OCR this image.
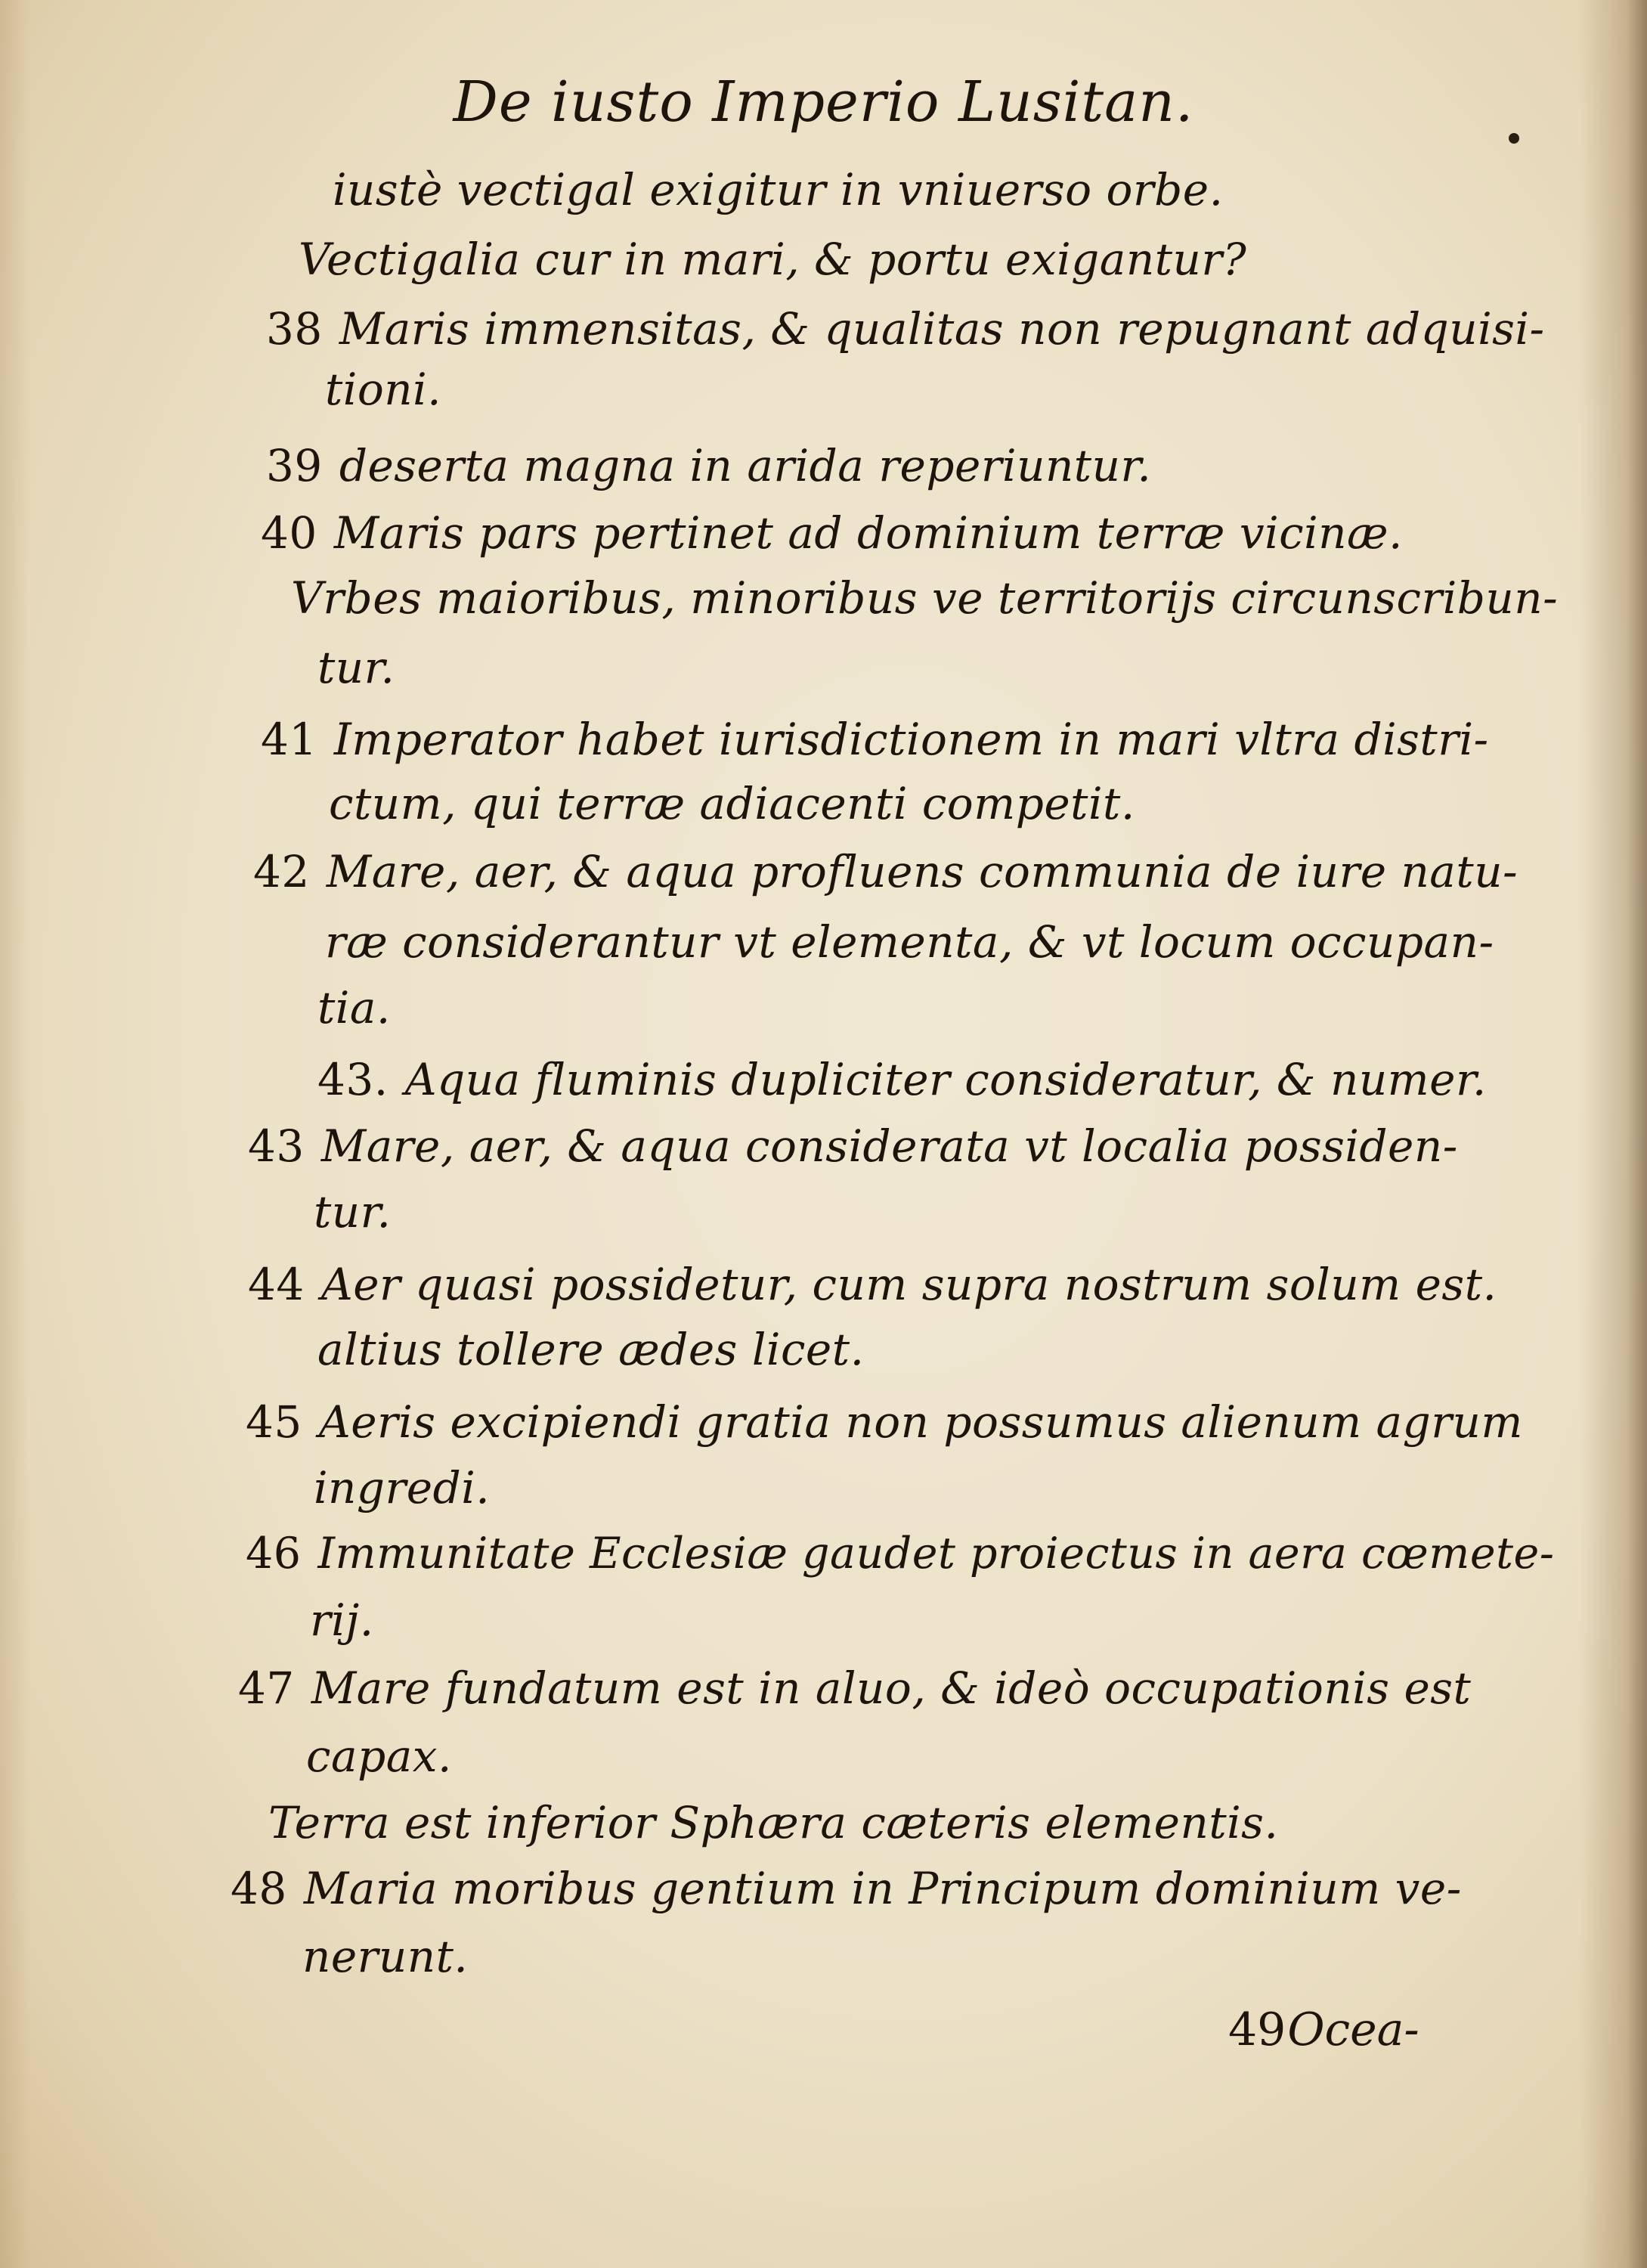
De iusto Imperio Lusitan.
iustè vectigal exigitur in vniuerso orbe.
Vectigalia cur in mari, & portu exigantur?
38 Maris immensitas, & qualitas non repugnant adquisi-
tioni.
39 deserta magna in arida reperiuntur.
40 Maris pars pertinet ad dominium terræ vicinæ.
Vrbes maioribus, minoribus ve territorijs circunscribun-
tur.
41 Imperator habet iurisdictionem in mari vltra distri-
ctum, qui terræ adiacenti competit.
42 Mare, aer, & aqua profluens communia de iure natu-
ræ considerantur vt elementa, & vt locum occupan-
tia.
43. Aqua fluminis dupliciter consideratur, & numer.
43 Mare, aer, & aqua considerata vt localia possiden-
tur.
44 Aer quasi possidetur, cum supra nostrum solum est.
altius tollere ædes licet.
45 Aeris excipiendi gratia non possumus alienum agrum
ingredi.
46 Immunitate Ecclesiæ gaudet proiectus in aera cœmete-
rij.
47 Mare fundatum est in aluo, & ideò occupationis est
capax.
Terra est inferior Sphæra cæteris elementis.
48 Maria moribus gentium in Principum dominium ve-
nerunt.
49Ocea-
